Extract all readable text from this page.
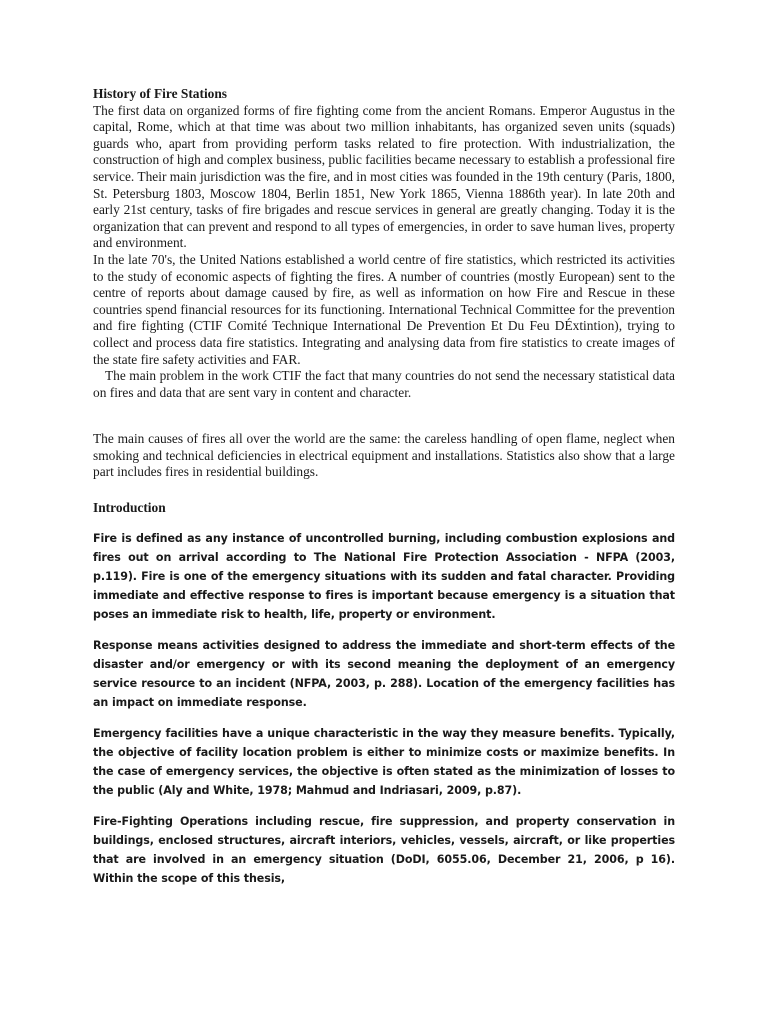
History of Fire Stations

The first data on organized forms of fire fighting come from the ancient Romans. Emperor Augustus in the capital, Rome, which at that time was about two million inhabitants, has organized seven units (squads) guards who, apart from providing perform tasks related to fire protection. With industrialization, the construction of high and complex business, public facilities became necessary to establish a professional fire service. Their main jurisdiction was the fire, and in most cities was founded in the 19th century (Paris, 1800, St. Petersburg 1803, Moscow 1804, Berlin 1851, New York 1865, Vienna 1886th year). In late 20th and early 21st century, tasks of fire brigades and rescue services in general are greatly changing. Today it is the organization that can prevent and respond to all types of emergencies, in order to save human lives, property and environment.

In the late 70's, the United Nations established a world centre of fire statistics, which restricted its activities to the study of economic aspects of fighting the fires. A number of countries (mostly European) sent to the centre of reports about damage caused by fire, as well as information on how Fire and Rescue in these countries spend financial resources for its functioning. International Technical Committee for the prevention and fire fighting (CTIF Comité Technique International De Prevention Et Du Feu DÉxtintion), trying to collect and process data fire statistics. Integrating and analysing data from fire statistics to create images of the state fire safety activities and FAR.

The main problem in the work CTIF the fact that many countries do not send the necessary statistical data on fires and data that are sent vary in content and character.

The main causes of fires all over the world are the same: the careless handling of open flame, neglect when smoking and technical deficiencies in electrical equipment and installations. Statistics also show that a large part includes fires in residential buildings.

Introduction

Fire is defined as any instance of uncontrolled burning, including combustion explosions and fires out on arrival according to The National Fire Protection Association - NFPA (2003, p.119). Fire is one of the emergency situations with its sudden and fatal character. Providing immediate and effective response to fires is important because emergency is a situation that poses an immediate risk to health, life, property or environment.

Response means activities designed to address the immediate and short-term effects of the disaster and/or emergency or with its second meaning the deployment of an emergency service resource to an incident (NFPA, 2003, p. 288). Location of the emergency facilities has an impact on immediate response.

Emergency facilities have a unique characteristic in the way they measure benefits. Typically, the objective of facility location problem is either to minimize costs or maximize benefits. In the case of emergency services, the objective is often stated as the minimization of losses to the public (Aly and White, 1978; Mahmud and Indriasari, 2009, p.87).

Fire-Fighting Operations including rescue, fire suppression, and property conservation in buildings, enclosed structures, aircraft interiors, vehicles, vessels, aircraft, or like properties that are involved in an emergency situation (DoDI, 6055.06, December 21, 2006, p 16). Within the scope of this thesis,
